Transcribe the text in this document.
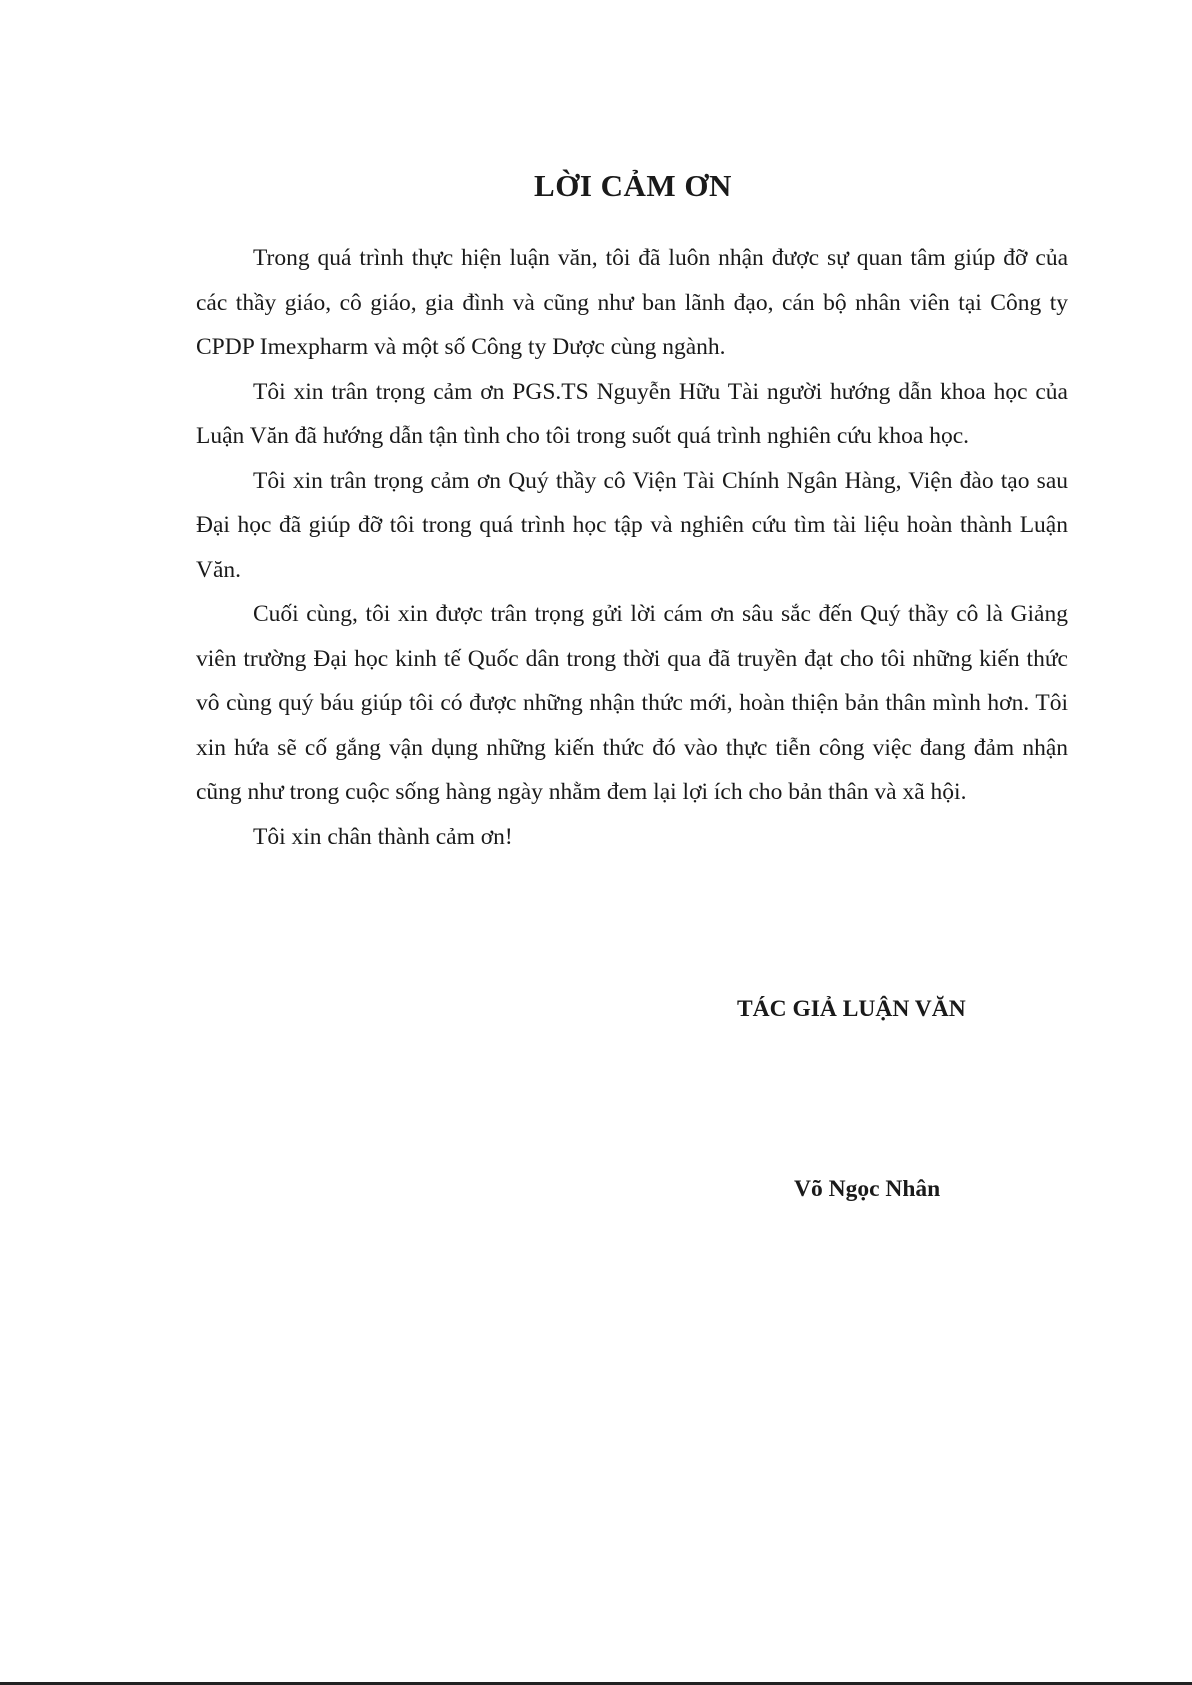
LỜI CẢM ƠN

Trong quá trình thực hiện luận văn, tôi đã luôn nhận được sự quan tâm giúp đỡ của các thầy giáo, cô giáo, gia đình và cũng như ban lãnh đạo, cán bộ nhân viên tại Công ty CPDP Imexpharm và một số Công ty Dược cùng ngành.

Tôi xin trân trọng cảm ơn PGS.TS Nguyễn Hữu Tài người hướng dẫn khoa học của Luận Văn đã hướng dẫn tận tình cho tôi trong suốt quá trình nghiên cứu khoa học.

Tôi xin trân trọng cảm ơn Quý thầy cô Viện Tài Chính Ngân Hàng, Viện đào tạo sau Đại học đã giúp đỡ tôi trong quá trình học tập và nghiên cứu tìm tài liệu hoàn thành Luận Văn.

Cuối cùng, tôi xin được trân trọng gửi lời cám ơn sâu sắc đến Quý thầy cô là Giảng viên trường Đại học kinh tế Quốc dân trong thời qua đã truyền đạt cho tôi những kiến thức vô cùng quý báu giúp tôi có được những nhận thức mới, hoàn thiện bản thân mình hơn. Tôi xin hứa sẽ cố gắng vận dụng những kiến thức đó vào thực tiễn công việc đang đảm nhận cũng như trong cuộc sống hàng ngày nhằm đem lại lợi ích cho bản thân và xã hội.

Tôi xin chân thành cảm ơn!

TÁC GIẢ LUẬN VĂN
Võ Ngọc Nhân
